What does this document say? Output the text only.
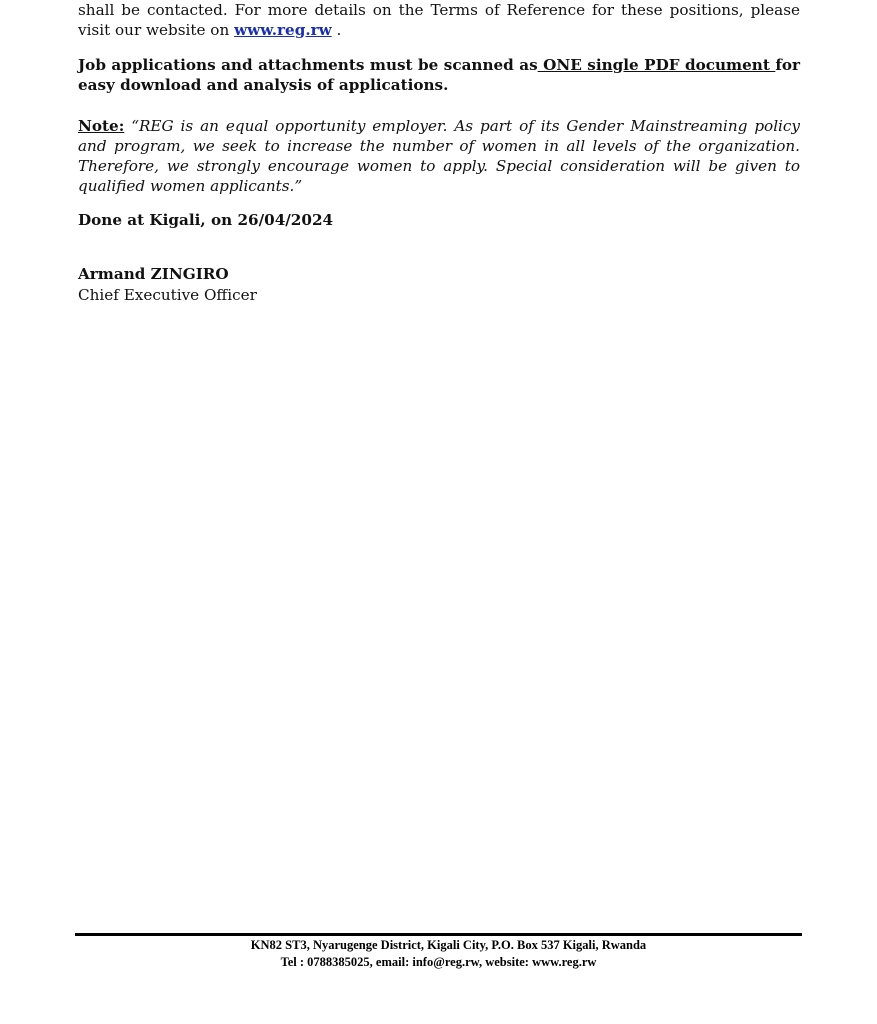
shall be contacted. For more details on the Terms of Reference for these positions, please visit our website on www.reg.rw .
Job applications and attachments must be scanned as ONE single PDF document for easy download and analysis of applications.
Note: “REG is an equal opportunity employer. As part of its Gender Mainstreaming policy and program, we seek to increase the number of women in all levels of the organization. Therefore, we strongly encourage women to apply. Special consideration will be given to qualified women applicants.”
Done at Kigali, on 26/04/2024
Armand ZINGIRO
Chief Executive Officer
KN82 ST3, Nyarugenge District, Kigali City, P.O. Box 537 Kigali, Rwanda
Tel : 0788385025, email: info@reg.rw, website: www.reg.rw
